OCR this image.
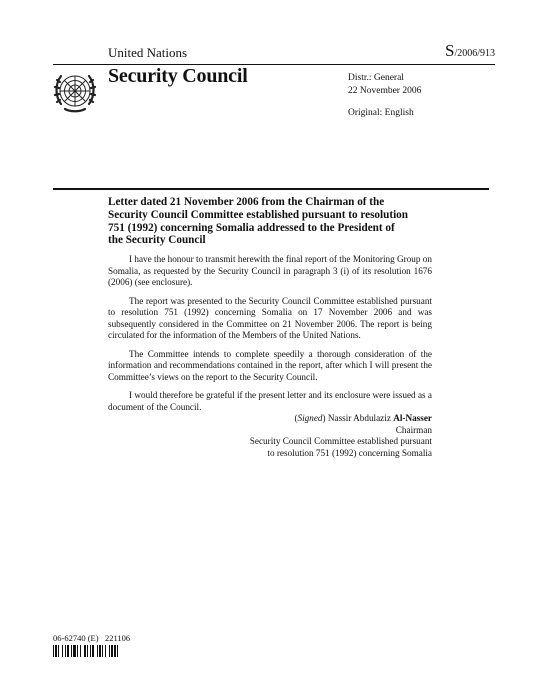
United Nations	S/2006/913
Security Council	Distr.: General
22 November 2006
Original: English
Letter dated 21 November 2006 from the Chairman of the Security Council Committee established pursuant to resolution 751 (1992) concerning Somalia addressed to the President of the Security Council

I have the honour to transmit herewith the final report of the Monitoring Group on Somalia, as requested by the Security Council in paragraph 3 (i) of its resolution 1676 (2006) (see enclosure).

The report was presented to the Security Council Committee established pursuant to resolution 751 (1992) concerning Somalia on 17 November 2006 and was subsequently considered in the Committee on 21 November 2006. The report is being circulated for the information of the Members of the United Nations.

The Committee intends to complete speedily a thorough consideration of the information and recommendations contained in the report, after which I will present the Committee’s views on the report to the Security Council.

I would therefore be grateful if the present letter and its enclosure were issued as a document of the Council.

(Signed) Nassir Abdulaziz Al-Nasser
Chairman
Security Council Committee established pursuant
to resolution 751 (1992) concerning Somalia
06-62740 (E) 221106
